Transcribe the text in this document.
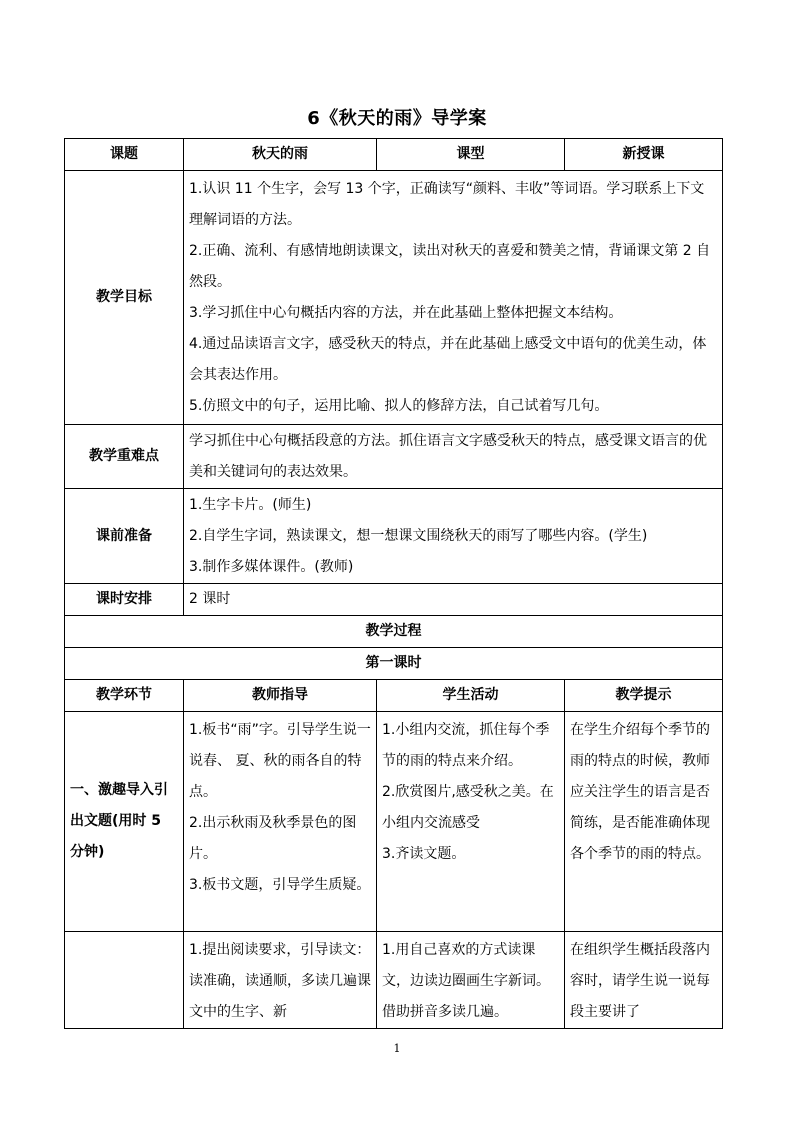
6《秋天的雨》导学案
课题	秋天的雨	课型	新授课
教学目标	1.认识 11 个生字，会写 13 个字，正确读写“颜料、丰收”等词语。学习联系上下文理解词语的方法。
2.正确、流利、有感情地朗读课文，读出对秋天的喜爱和赞美之情，背诵课文第 2 自然段。
3.学习抓住中心句概括内容的方法，并在此基础上整体把握文本结构。
4.通过品读语言文字，感受秋天的特点，并在此基础上感受文中语句的优美生动，体会其表达作用。
5.仿照文中的句子，运用比喻、拟人的修辞方法，自己试着写几句。		

教学重难点	学习抓住中心句概括段意的方法。抓住语言文字感受秋天的特点，感受课文语言的优美和关键词句的表达效果。		
课前准备	1.生字卡片。(师生)
2.自学生字词，熟读课文，想一想课文围绕秋天的雨写了哪些内容。(学生)
3.制作多媒体课件。(教师)		

课时安排	2 课时		
教学过程			
第一课时			
教学环节	教师指导	学生活动	教学提示
一、激趣导入引出文题(用时 5 分钟)	1.板书“雨”字。引导学生说一说春、 夏、秋的雨各自的特点。
2.出示秋雨及秋季景色的图片。
3.板书文题，引导学生质疑。	1.小组内交流，抓住每个季节的雨的特点来介绍。
2.欣赏图片,感受秋之美。在小组内交流感受
3.齐读文题。	在学生介绍每个季节的雨的特点的时候，教师应关注学生的语言是否简练，是否能准确体现各个季节的雨的特点。

	1.提出阅读要求，引导读文：读准确，读通顺，多读几遍课文中的生字、新	1.用自己喜欢的方式读课文，边读边圈画生字新词。借助拼音多读几遍。	在组织学生概括段落内容时，请学生说一说每段主要讲了
1
